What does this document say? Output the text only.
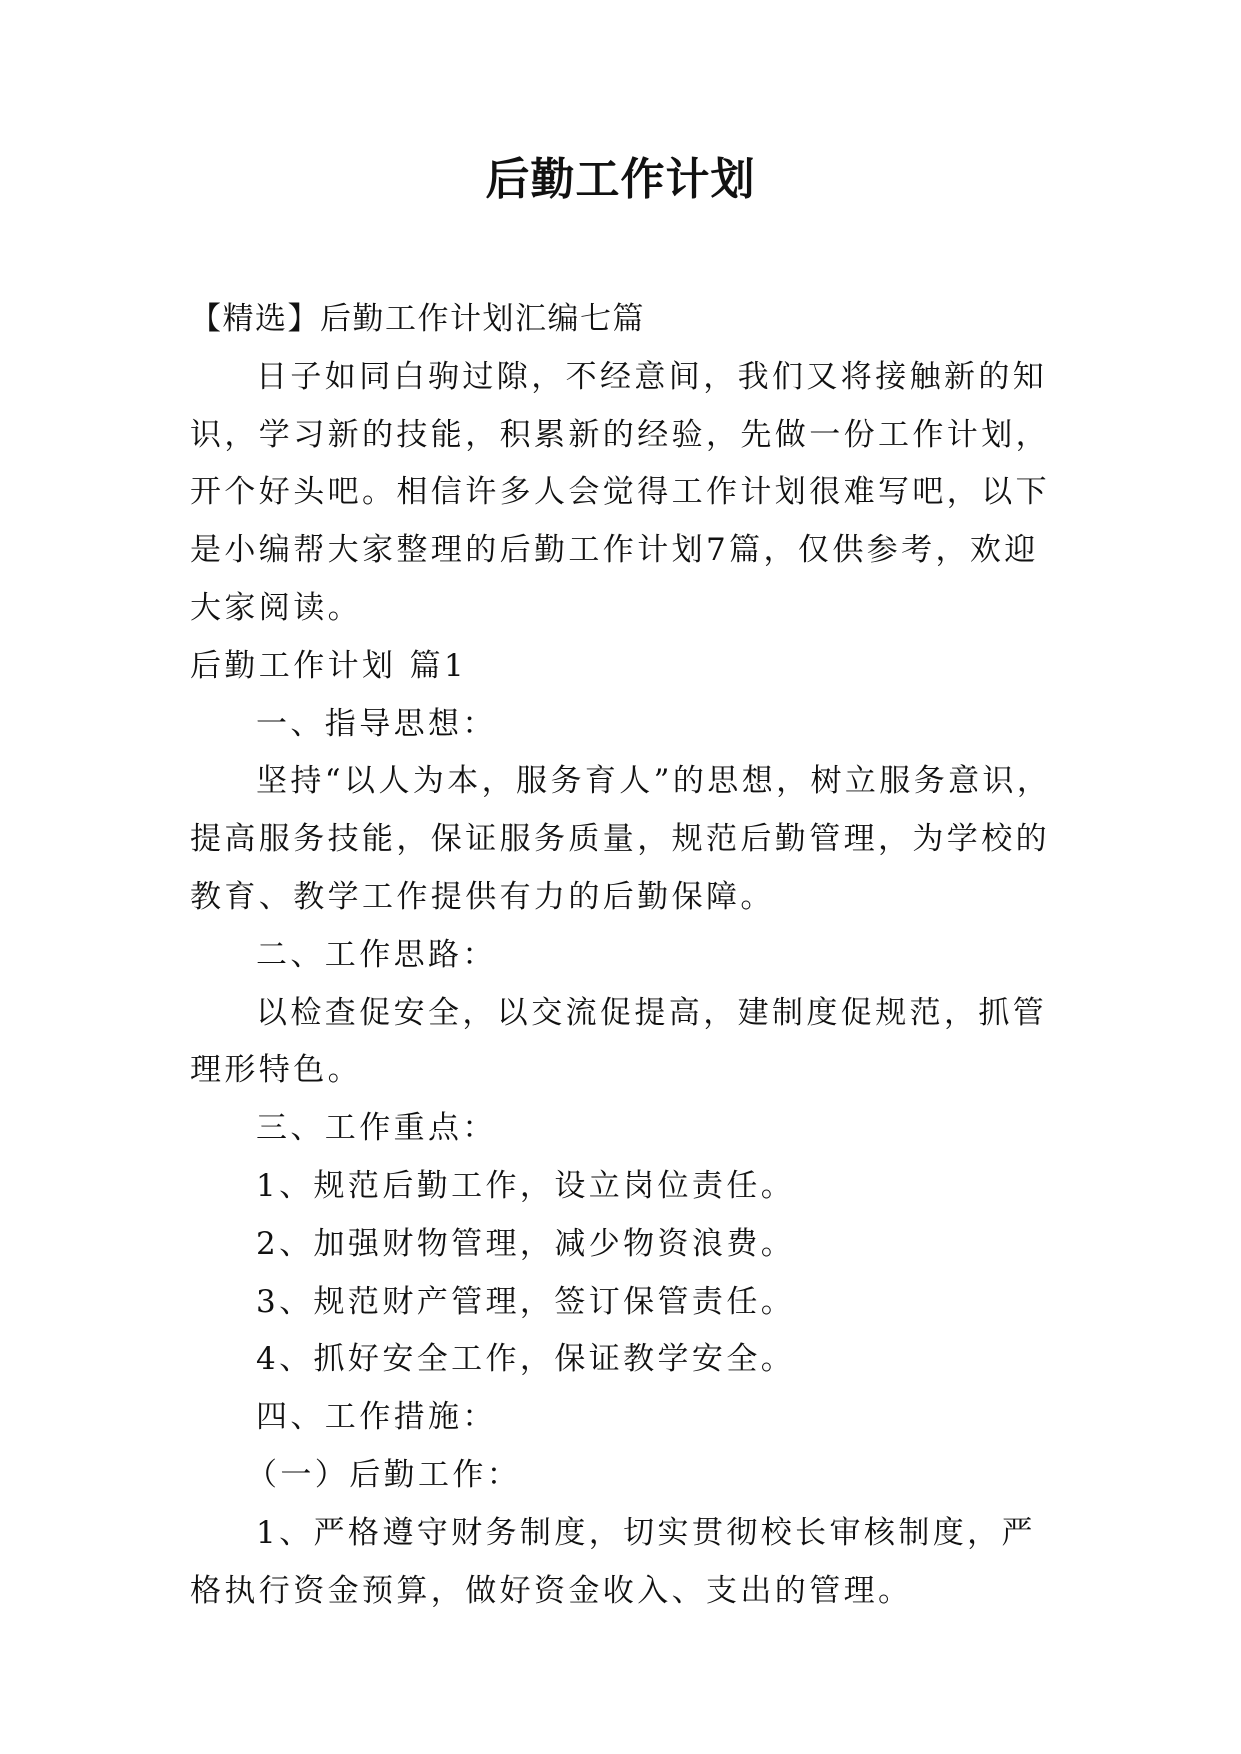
后勤工作计划

【精选】后勤工作计划汇编七篇

日子如同白驹过隙，不经意间，我们又将接触新的知识，学习新的技能，积累新的经验，先做一份工作计划，开个好头吧。相信许多人会觉得工作计划很难写吧，以下是小编帮大家整理的后勤工作计划7篇，仅供参考，欢迎大家阅读。

后勤工作计划 篇1

一、指导思想：

坚持“以人为本，服务育人”的思想，树立服务意识，提高服务技能，保证服务质量，规范后勤管理，为学校的教育、教学工作提供有力的后勤保障。

二、工作思路：

以检查促安全，以交流促提高，建制度促规范，抓管理形特色。

三、工作重点：

1、规范后勤工作，设立岗位责任。

2、加强财物管理，减少物资浪费。

3、规范财产管理，签订保管责任。

4、抓好安全工作，保证教学安全。

四、工作措施：

（一）后勤工作：

1、严格遵守财务制度，切实贯彻校长审核制度，严格执行资金预算，做好资金收入、支出的管理。
